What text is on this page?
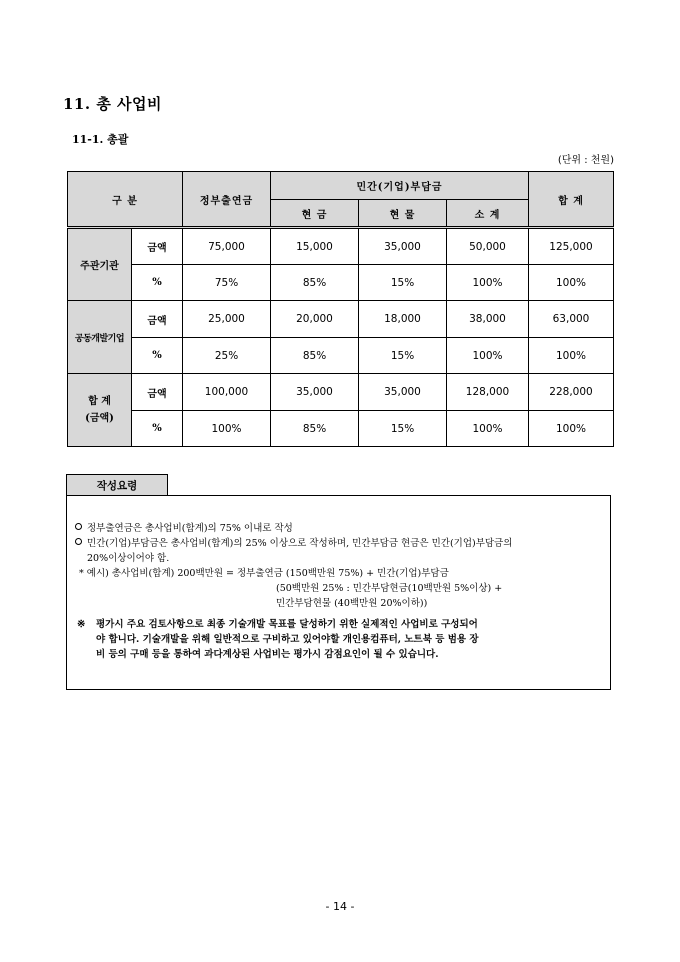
11. 총 사업비
11-1. 총괄
(단위 : 천원)
구 분		정부출연금	민간(기업)부담금			합 계
			현 금	현 물	소 계	
주관기관	금액	75,000	15,000	35,000	50,000	125,000
	%	75%	85%	15%	100%	100%
공동개발기업	금액	25,000	20,000	18,000	38,000	63,000
	%	25%	85%	15%	100%	100%
합 계
(금액)	금액	100,000	35,000	35,000	128,000	228,000
	%	100%	85%	15%	100%	100%
작성요령
정부출연금은 총사업비(합계)의 75% 이내로 작성
민간(기업)부담금은 총사업비(합계)의 25% 이상으로 작성하며, 민간부담금 현금은 민간(기업)부담금의
20%이상이어야 함.
* 예시) 총사업비(합계) 200백만원 = 정부출연금 (150백만원 75%) + 민간(기업)부담금
(50백만원 25% : 민간부담현금(10백만원 5%이상) +
민간부담현물 (40백만원 20%이하))
※ 평가시 주요 검토사항으로 최종 기술개발 목표를 달성하기 위한 실제적인 사업비로 구성되어
야 합니다. 기술개발을 위해 일반적으로 구비하고 있어야할 개인용컴퓨터, 노트북 등 범용 장
비 등의 구매 등을 통하여 과다계상된 사업비는 평가시 감점요인이 될 수 있습니다.
- 14 -
